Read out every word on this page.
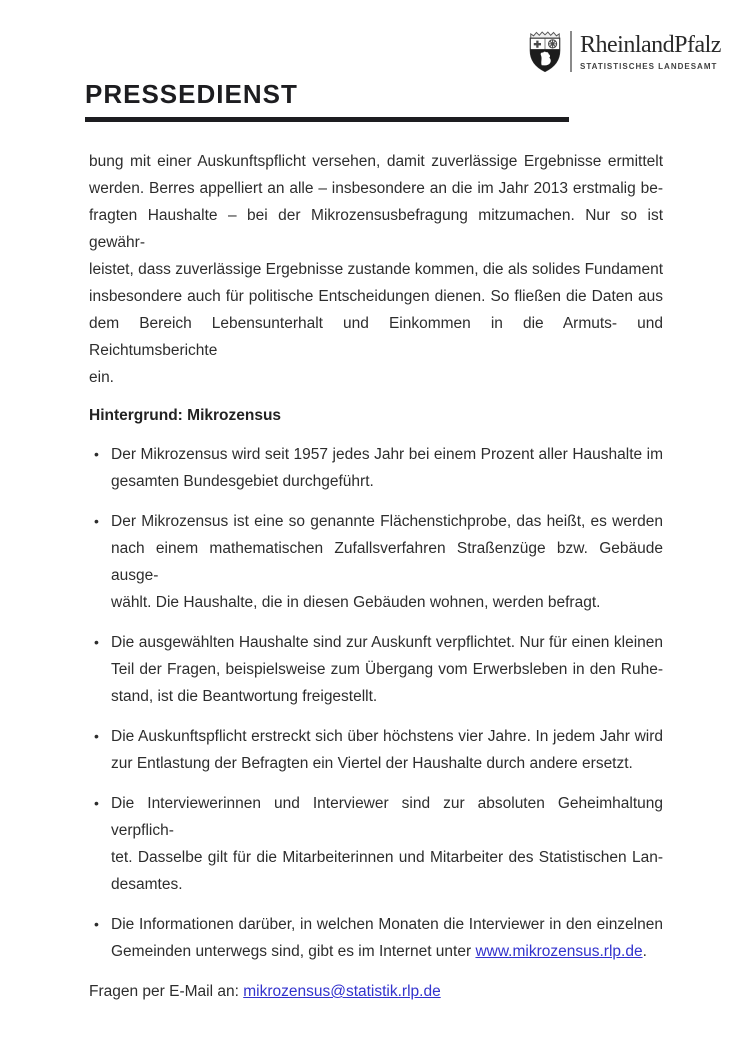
RheinlandPfalz
STATISTISCHES LANDESAMT
PRESSEDIENST

bung mit einer Auskunftspflicht versehen, damit zuverlässige Ergebnisse ermittelt
werden. Berres appelliert an alle – insbesondere an die im Jahr 2013 erstmalig be-
fragten Haushalte – bei der Mikrozensusbefragung mitzumachen. Nur so ist gewähr-
leistet, dass zuverlässige Ergebnisse zustande kommen, die als solides Fundament
insbesondere auch für politische Entscheidungen dienen. So fließen die Daten aus
dem Bereich Lebensunterhalt und Einkommen in die Armuts- und Reichtumsberichte
ein.

Hintergrund: Mikrozensus
• Der Mikrozensus wird seit 1957 jedes Jahr bei einem Prozent aller Haushalte im
gesamten Bundesgebiet durchgeführt.
• Der Mikrozensus ist eine so genannte Flächenstichprobe, das heißt, es werden
nach einem mathematischen Zufallsverfahren Straßenzüge bzw. Gebäude ausge-
wählt. Die Haushalte, die in diesen Gebäuden wohnen, werden befragt.
• Die ausgewählten Haushalte sind zur Auskunft verpflichtet. Nur für einen kleinen
Teil der Fragen, beispielsweise zum Übergang vom Erwerbsleben in den Ruhe-
stand, ist die Beantwortung freigestellt.
• Die Auskunftspflicht erstreckt sich über höchstens vier Jahre. In jedem Jahr wird
zur Entlastung der Befragten ein Viertel der Haushalte durch andere ersetzt.
• Die Interviewerinnen und Interviewer sind zur absoluten Geheimhaltung verpflich-
tet. Dasselbe gilt für die Mitarbeiterinnen und Mitarbeiter des Statistischen Lan-
desamtes.
• Die Informationen darüber, in welchen Monaten die Interviewer in den einzelnen
Gemeinden unterwegs sind, gibt es im Internet unter www.mikrozensus.rlp.de.

Fragen per E-Mail an: mikrozensus@statistik.rlp.de
